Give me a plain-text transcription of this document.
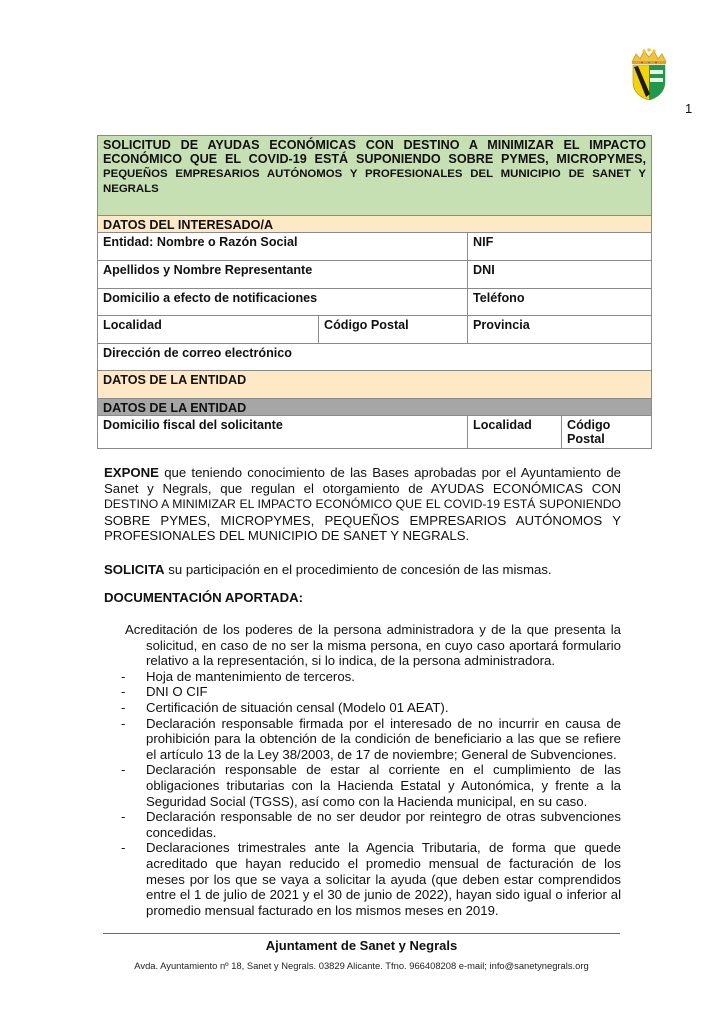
1
SOLICITUD DE AYUDAS ECONÓMICAS CON DESTINO A MINIMIZAR EL IMPACTO ECONÓMICO QUE EL COVID-19 ESTÁ SUPONIENDO SOBRE PYMES, MICROPYMES, PEQUEÑOS EMPRESARIOS AUTÓNOMOS Y PROFESIONALES DEL MUNICIPIO DE SANET Y NEGRALS			
DATOS DEL INTERESADO/A			
Entidad: Nombre o Razón Social		NIF	
Apellidos y Nombre Representante		DNI	
Domicilio a efecto de notificaciones		Teléfono	
Localidad	Código Postal	Provincia	
Dirección de correo electrónico			
DATOS DE LA ENTIDAD			
DATOS DE LA ENTIDAD			
Domicilio fiscal del solicitante		Localidad	Código Postal

EXPONE que teniendo conocimiento de las Bases aprobadas por el Ayuntamiento de Sanet y Negrals, que regulan el otorgamiento de AYUDAS ECONÓMICAS CON DESTINO A MINIMIZAR EL IMPACTO ECONÓMICO QUE EL COVID-19 ESTÁ SUPONIENDO SOBRE PYMES, MICROPYMES, PEQUEÑOS EMPRESARIOS AUTÓNOMOS Y PROFESIONALES DEL MUNICIPIO DE SANET Y NEGRALS.

SOLICITA su participación en el procedimiento de concesión de las mismas.

DOCUMENTACIÓN APORTADA:

Acreditación de los poderes de la persona administradora y de la que presenta la solicitud, en caso de no ser la misma persona, en cuyo caso aportará formulario relativo a la representación, si lo indica, de la persona administradora.
- Hoja de mantenimiento de terceros.
- DNI O CIF
- Certificación de situación censal (Modelo 01 AEAT).
- Declaración responsable firmada por el interesado de no incurrir en causa de prohibición para la obtención de la condición de beneficiario a las que se refiere el artículo 13 de la Ley 38/2003, de 17 de noviembre; General de Subvenciones.
- Declaración responsable de estar al corriente en el cumplimiento de las obligaciones tributarias con la Hacienda Estatal y Autonómica, y frente a la Seguridad Social (TGSS), así como con la Hacienda municipal, en su caso.
- Declaración responsable de no ser deudor por reintegro de otras subvenciones concedidas.
- Declaraciones trimestrales ante la Agencia Tributaria, de forma que quede acreditado que hayan reducido el promedio mensual de facturación de los meses por los que se vaya a solicitar la ayuda (que deben estar comprendidos entre el 1 de julio de 2021 y el 30 de junio de 2022), hayan sido igual o inferior al promedio mensual facturado en los mismos meses en 2019.
Ajuntament de Sanet y Negrals
Avda. Ayuntamiento nº 18, Sanet y Negrals. 03829 Alicante. Tfno. 966408208 e-mail; info@sanetynegrals.org
